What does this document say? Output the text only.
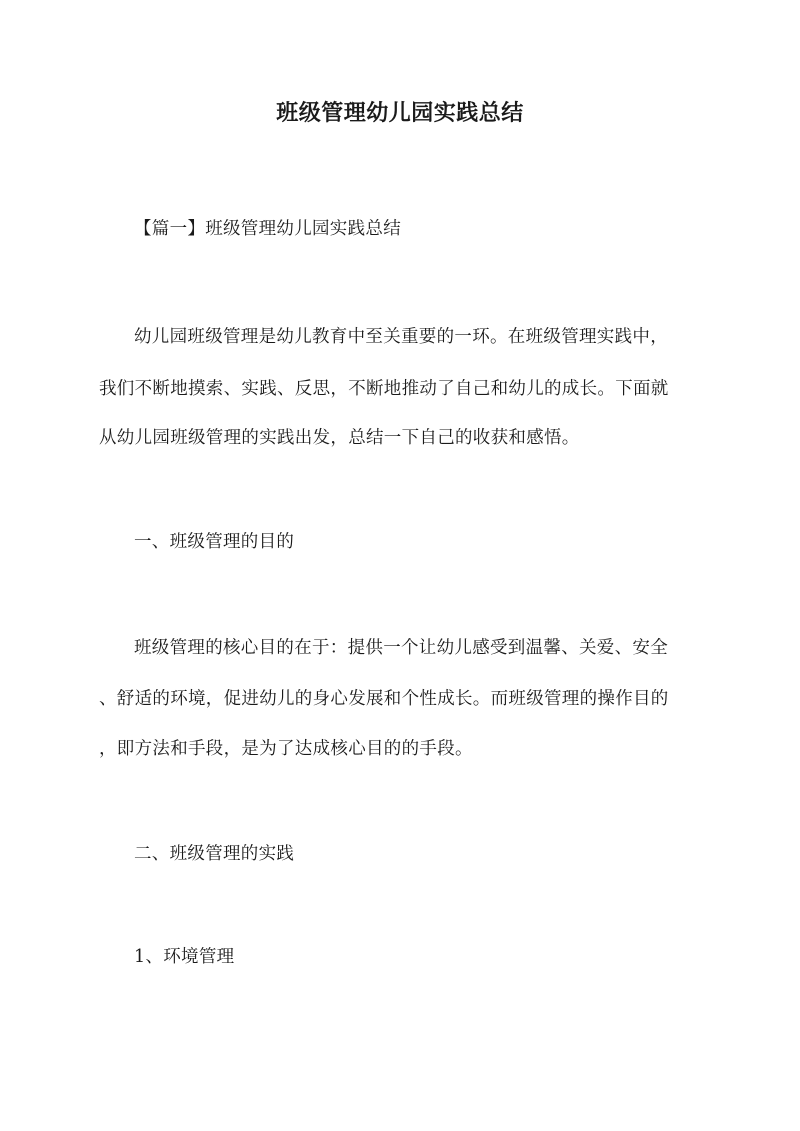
班级管理幼儿园实践总结
【篇一】班级管理幼儿园实践总结
幼儿园班级管理是幼儿教育中至关重要的一环。在班级管理实践中，
我们不断地摸索、实践、反思，不断地推动了自己和幼儿的成长。下面就
从幼儿园班级管理的实践出发，总结一下自己的收获和感悟。
一、班级管理的目的
班级管理的核心目的在于：提供一个让幼儿感受到温馨、关爱、安全
、舒适的环境，促进幼儿的身心发展和个性成长。而班级管理的操作目的
，即方法和手段，是为了达成核心目的的手段。
二、班级管理的实践
1、环境管理
